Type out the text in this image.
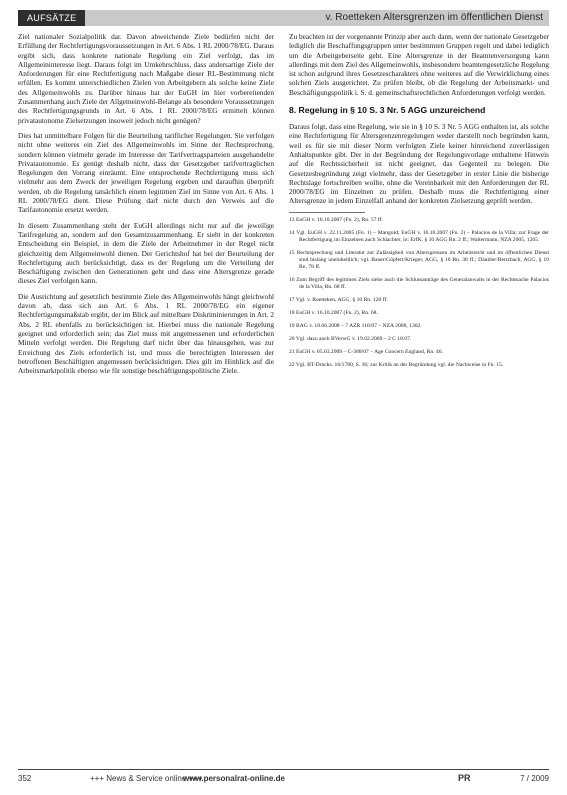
AUFSÄTZE	v. Roetteken Altersgrenzen im öffentlichen Dienst

Ziel nationaler Sozialpolitik dar. Davon abweichende Ziele bedürfen nicht der Erfüllung der Rechtfertigungsvoraussetzungen in Art. 6 Abs. 1 RL 2000/78/EG. Daraus ergibt sich, dass konkrete nationale Regelung ein Ziel verfolgt, das im Allgemeininteresse liegt. Daraus folgt im Umkehrschluss, dass andersartige Ziele der Anforderungen für eine Rechtfertigung nach Maßgabe dieser RL-Bestimmung nicht erfüllen. Es kommt unterschiedlichen Zielen von Arbeitgebern als solche keine Ziele des Allgemeinwohls zu. Darüber hinaus hat der EuGH im hier vorbereitenden Zusammenhang auch Ziele der Allgemeinwohl-Belange als besondere Voraussetzungen des Rechtfertigungsgrunds in Art. 6 Abs. 1 RL 2000/78/EG ermittelt können privatautonome Zielsetzungen insoweit jedoch nicht genügen?

Dies hat unmittelbare Folgen für die Beurteilung tariflicher Regelungen. Sie verfolgen nicht ohne weiteres ein Ziel des Allgemeinwohls im Sinne der Rechtsprechung, sondern können vielmehr gerade im Interesse der Tarifvertragsparteien ausgehandelte Privatautonomie. Es genügt deshalb nicht, dass der Gesetzgeber tarifvertraglichen Regelungen den Vorrang einräumt. Eine entsprechende Rechtfertigung muss sich vielmehr aus dem Zweck der jeweiligen Regelung ergeben und daraufhin überprüft werden, ob die Regelung tatsächlich einem legitimen Ziel im Sinne von Art. 6 Abs. 1 RL 2000/78/EG dient. Diese Prüfung darf nicht durch den Verweis auf die Tarifautonomie ersetzt werden.

In diesem Zusammenhang steht der EuGH allerdings nicht nur auf die jeweilige Tarifregelung an, sondern auf den Gesamtzusammenhang. Er sieht in der konkreten Entscheidung ein Beispiel, in dem die Ziele der Arbeitnehmer in der Regel nicht gleichzeitig dem Allgemeinwohl dienen. Der Gerichtshof hat bei der Beurteilung der Rechtfertigung auch berücksichtigt, dass es der Regelung um die Verteilung der Beschäftigung zwischen den Generationen geht und dass eine Altersgrenze gerade dieses Ziel verfolgen kann.

Die Ausrichtung auf gesetzlich bestimmte Ziele des Allgemeinwohls hängt gleichwohl davon ab, dass sich aus Art. 6 Abs. 1 RL 2000/78/EG ein eigener Rechtfertigungsmaßstab ergibt, der im Blick auf mittelbare Diskriminierungen in Art. 2 Abs. 2 RL ebenfalls zu berücksichtigen ist. Hierbei muss die nationale Regelung geeignet und erforderlich sein; das Ziel muss mit angemessenen und erforderlichen Mitteln verfolgt werden. Die Regelung darf nicht über das hinausgehen, was zur Erreichung des Ziels erforderlich ist, und muss die berechtigten Interessen der betroffenen Beschäftigten angemessen berücksichtigen. Dies gilt im Hinblick auf die Arbeitsmarktpolitik ebenso wie für sonstige beschäftigungspolitische Ziele.

Zu beachten ist der vorgenannte Prinzip aber auch dann, wenn der nationale Gesetzgeber lediglich die Beschaffungsgruppen unter bestimmten Gruppen regelt und dabei lediglich um die Arbeitgeberseite geht. Eine Altersgrenze in der Beamtenversorgung kann allerdings mit dem Ziel des Allgemeinwohls, insbesondere beamtengesetzliche Regelung ist schon aufgrund ihres Gesetzescharakters ohne weiteres auf die Verwirklichung eines solchen Ziels ausgerichtet. Zu prüfen bleibt, ob die Regelung der Arbeitsmarkt- und Beschäftigungspolitik i. S. d. gemeinschaftsrechtlichen Anforderungen verfolgt werden.

8. Regelung in § 10 S. 3 Nr. 5 AGG unzureichend

Daraus folgt, dass eine Regelung, wie sie in § 10 S. 3 Nr. 5 AGG enthalten ist, als solche eine Rechtfertigung für Altersgrenzenregelungen weder darstellt noch begründen kann, weil es für sie mit dieser Norm verfolgten Ziele keiner hinreichend zuverlässigen Anhaltspunkte gibt. Der in der Begründung der Regelungsvorlage enthaltene Hinweis auf die Rechtssicherheit ist nicht geeignet, das Gegenteil zu belegen. Die Gesetzesbegründung zeigt vielmehr, dass der Gesetzgeber in erster Linie die bisherige Rechtslage fortschreiben wollte, ohne die Vereinbarkeit mit den Anforderungen der RL 2000/78/EG im Einzelnen zu prüfen. Deshalb muss die Rechtfertigung einer Altersgrenze in jedem Einzelfall anhand der konkreten Zielsetzung geprüft werden.

13 EuGH v. 16.10.2007 (Fn. 2), Rn. 57 ff.

14 Vgl. EuGH v. 22.11.2005 (Fn. 1) – Mangold; EuGH v. 16.10.2007 (Fn. 2) – Palacios de la Villa; zur Frage der Rechtfertigung im Einzelnen auch Schlachter, in: ErfK, § 10 AGG Rn. 2 ff.; Waltermann, NZA 2005, 1265.

15 Rechtsprechung und Literatur zur Zulässigkeit von Altersgrenzen im Arbeitsrecht und im öffentlichen Dienst sind bislang uneinheitlich; vgl. Bauer/Göpfert/Krieger, AGG, § 10 Rn. 38 ff.; Däubler/Bertzbach, AGG, § 10 Rn. 78 ff.

16 Zum Begriff des legitimen Ziels siehe auch die Schlussanträge des Generalanwalts in der Rechtssache Palacios de la Villa, Rn. 68 ff.

17 Vgl. v. Roetteken, AGG, § 10 Rn. 120 ff.

18 EuGH v. 16.10.2007 (Fn. 2), Rn. 68.

19 BAG v. 18.06.2008 – 7 AZR 116/07 – NZA 2008, 1302.

20 Vgl. dazu auch BVerwG v. 19.02.2009 – 2 C 18.07.

21 EuGH v. 05.03.2009 – C-388/07 – Age Concern England, Rn. 46.

22 Vgl. BT-Drucks. 16/1780, S. 36; zur Kritik an der Begründung vgl. die Nachweise in Fn. 15.

352	+++ News & Service online +++
www.personalrat-online.de	PR	7 / 2009
